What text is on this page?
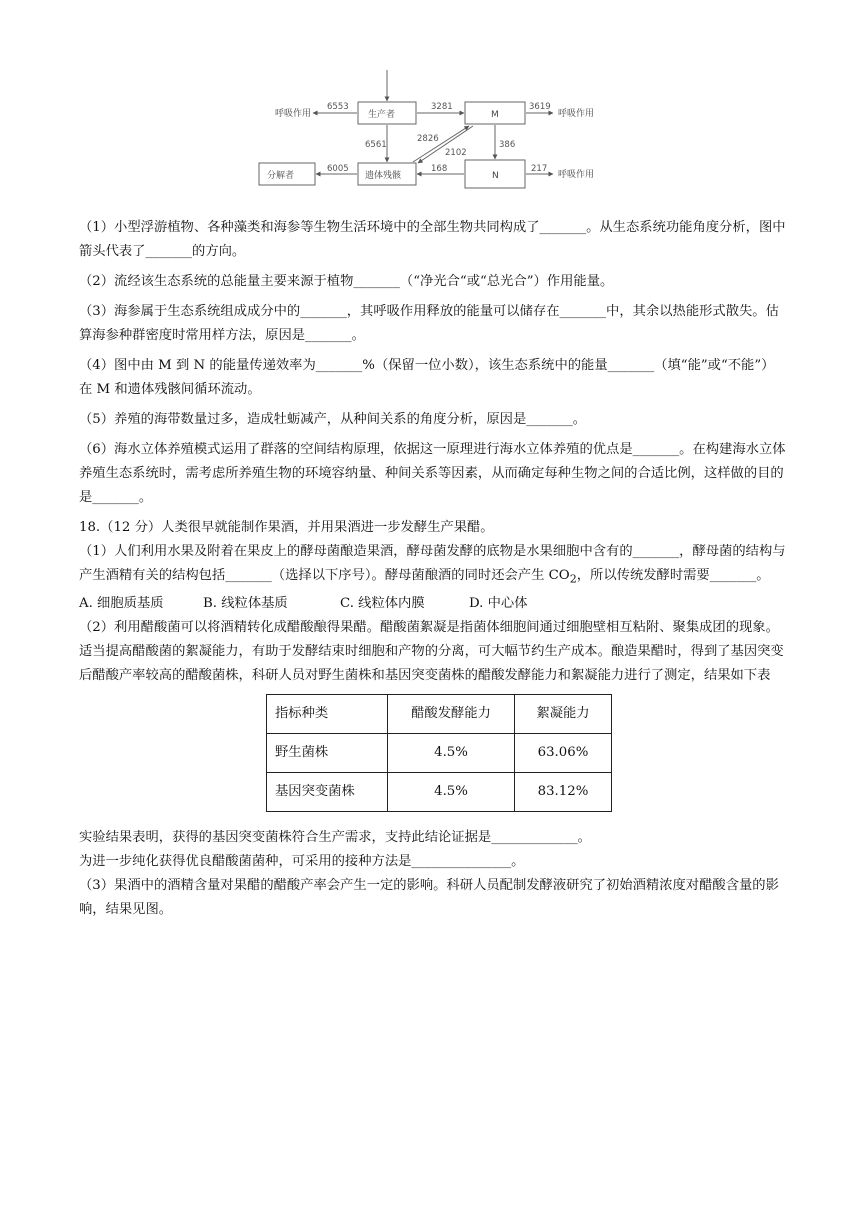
呼吸作用	生产者	M	呼吸作用
分解者	遗体残骸	N	呼吸作用
6553	3281	3619
6561
2826
2102
386
6005	168	217

（1）小型浮游植物、各种藻类和海参等生物生活环境中的全部生物共同构成了_______。从生态系统功能角度分析，图中箭头代表了_______的方向。

（2）流经该生态系统的总能量主要来源于植物_______（“净光合“或“总光合”）作用能量。

（3）海参属于生态系统组成成分中的_______，其呼吸作用释放的能量可以储存在_______中，其余以热能形式散失。估算海参种群密度时常用样方法，原因是_______。

（4）图中由 M 到 N 的能量传递效率为_______%（保留一位小数），该生态系统中的能量_______（填“能”或“不能”）在 M 和遗体残骸间循环流动。

（5）养殖的海带数量过多，造成牡蛎减产，从种间关系的角度分析，原因是_______。

（6）海水立体养殖模式运用了群落的空间结构原理，依据这一原理进行海水立体养殖的优点是_______。在构建海水立体养殖生态系统时，需考虑所养殖生物的环境容纳量、种间关系等因素，从而确定每种生物之间的合适比例，这样做的目的是_______。

18.（12 分）人类很早就能制作果酒，并用果酒进一步发酵生产果醋。

（1）人们利用水果及附着在果皮上的酵母菌酿造果酒，酵母菌发酵的底物是水果细胞中含有的_______，酵母菌的结构与产生酒精有关的结构包括_______（选择以下序号）。酵母菌酿酒的同时还会产生 $CO_2$，所以传统发酵时需要_______。

A. 细胞质基质	B. 线粒体基质	C. 线粒体内膜	D. 中心体

（2）利用醋酸菌可以将酒精转化成醋酸酿得果醋。醋酸菌絮凝是指菌体细胞间通过细胞壁相互粘附、聚集成团的现象。适当提高醋酸菌的絮凝能力，有助于发酵结束时细胞和产物的分离，可大幅节约生产成本。酿造果醋时，得到了基因突变后醋酸产率较高的醋酸菌株，科研人员对野生菌株和基因突变菌株的醋酸发酵能力和絮凝能力进行了测定，结果如下表

指标种类	醋酸发酵能力	絮凝能力
野生菌株	4.5%	63.06%
基因突变菌株	4.5%	83.12%

实验结果表明，获得的基因突变菌株符合生产需求，支持此结论证据是_____________。

为进一步纯化获得优良醋酸菌菌种，可采用的接种方法是_______________。

（3）果酒中的酒精含量对果醋的醋酸产率会产生一定的影响。科研人员配制发酵液研究了初始酒精浓度对醋酸含量的影响，结果见图。
